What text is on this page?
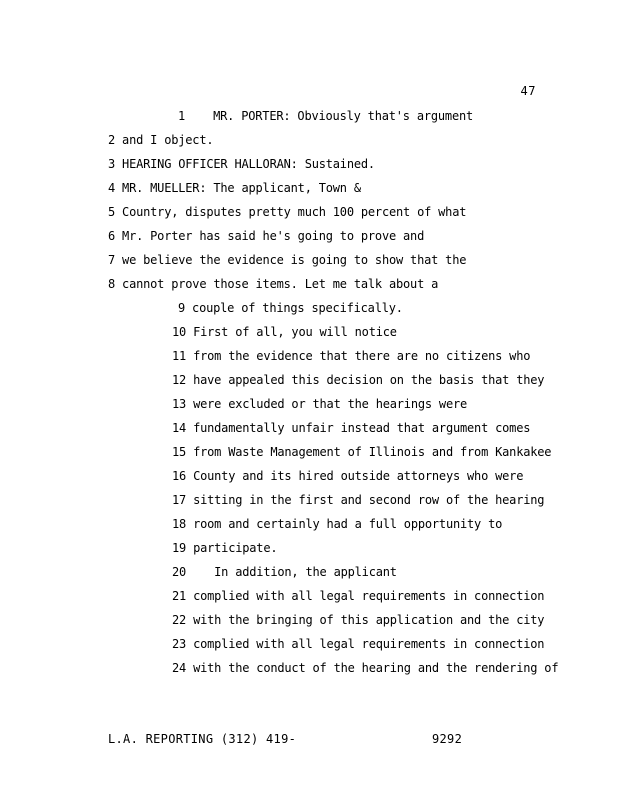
47
1    MR. PORTER: Obviously that's argument
2 and I object.
3 HEARING OFFICER HALLORAN: Sustained.
4 MR. MUELLER: The applicant, Town &
5 Country, disputes pretty much 100 percent of what
6 Mr. Porter has said he's going to prove and
7 we believe the evidence is going to show that the
8 cannot prove those items. Let me talk about a
9 couple of things specifically.
10 First of all, you will notice
11 from the evidence that there are no citizens who
12 have appealed this decision on the basis that they
13 were excluded or that the hearings were
14 fundamentally unfair instead that argument comes
15 from Waste Management of Illinois and from Kankakee
16 County and its hired outside attorneys who were
17 sitting in the first and second row of the hearing
18 room and certainly had a full opportunity to
19 participate.
20    In addition, the applicant
21 complied with all legal requirements in connection
22 with the bringing of this application and the city
23 complied with all legal requirements in connection
24 with the conduct of the hearing and the rendering of
L.A. REPORTING (312) 419-	9292
